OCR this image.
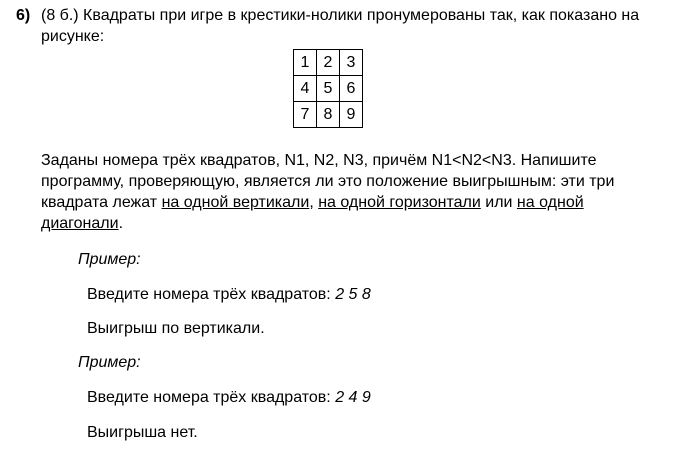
6) (8 б.) Квадраты при игре в крестики-нолики пронумерованы так, как показано на рисунке:
1	2	3
4	5	6
7	8	9
Заданы номера трёх квадратов, N1, N2, N3, причём N1<N2<N3. Напишите программу, проверяющую, является ли это положение выигрышным: эти три квадрата лежат на одной вертикали, на одной горизонтали или на одной диагонали.
Пример:
Введите номера трёх квадратов: 2 5 8
Выигрыш по вертикали.
Пример:
Введите номера трёх квадратов: 2 4 9
Выигрыша нет.
